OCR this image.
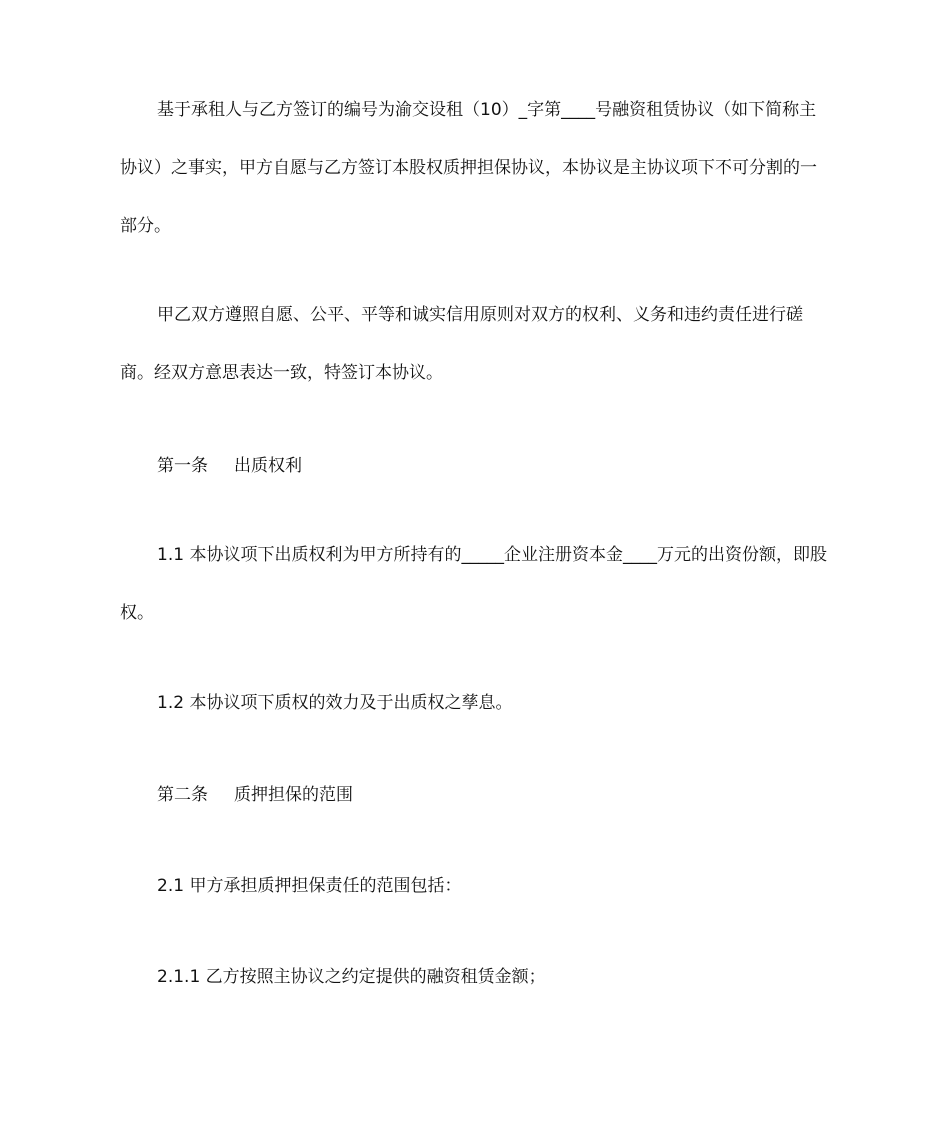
基于承租人与乙方签订的编号为渝交设租（10）_字第____号融资租赁协议（如下简称主协议）之事实，甲方自愿与乙方签订本股权质押担保协议，本协议是主协议项下不可分割的一部分。

甲乙双方遵照自愿、公平、平等和诚实信用原则对双方的权利、义务和违约责任进行磋商。经双方意思表达一致，特签订本协议。

第一条 出质权利

1.1 本协议项下出质权利为甲方所持有的_____企业注册资本金____万元的出资份额，即股权。

1.2 本协议项下质权的效力及于出质权之孳息。
第二条 质押担保的范围
2.1 甲方承担质押担保责任的范围包括：
2.1.1 乙方按照主协议之约定提供的融资租赁金额；
